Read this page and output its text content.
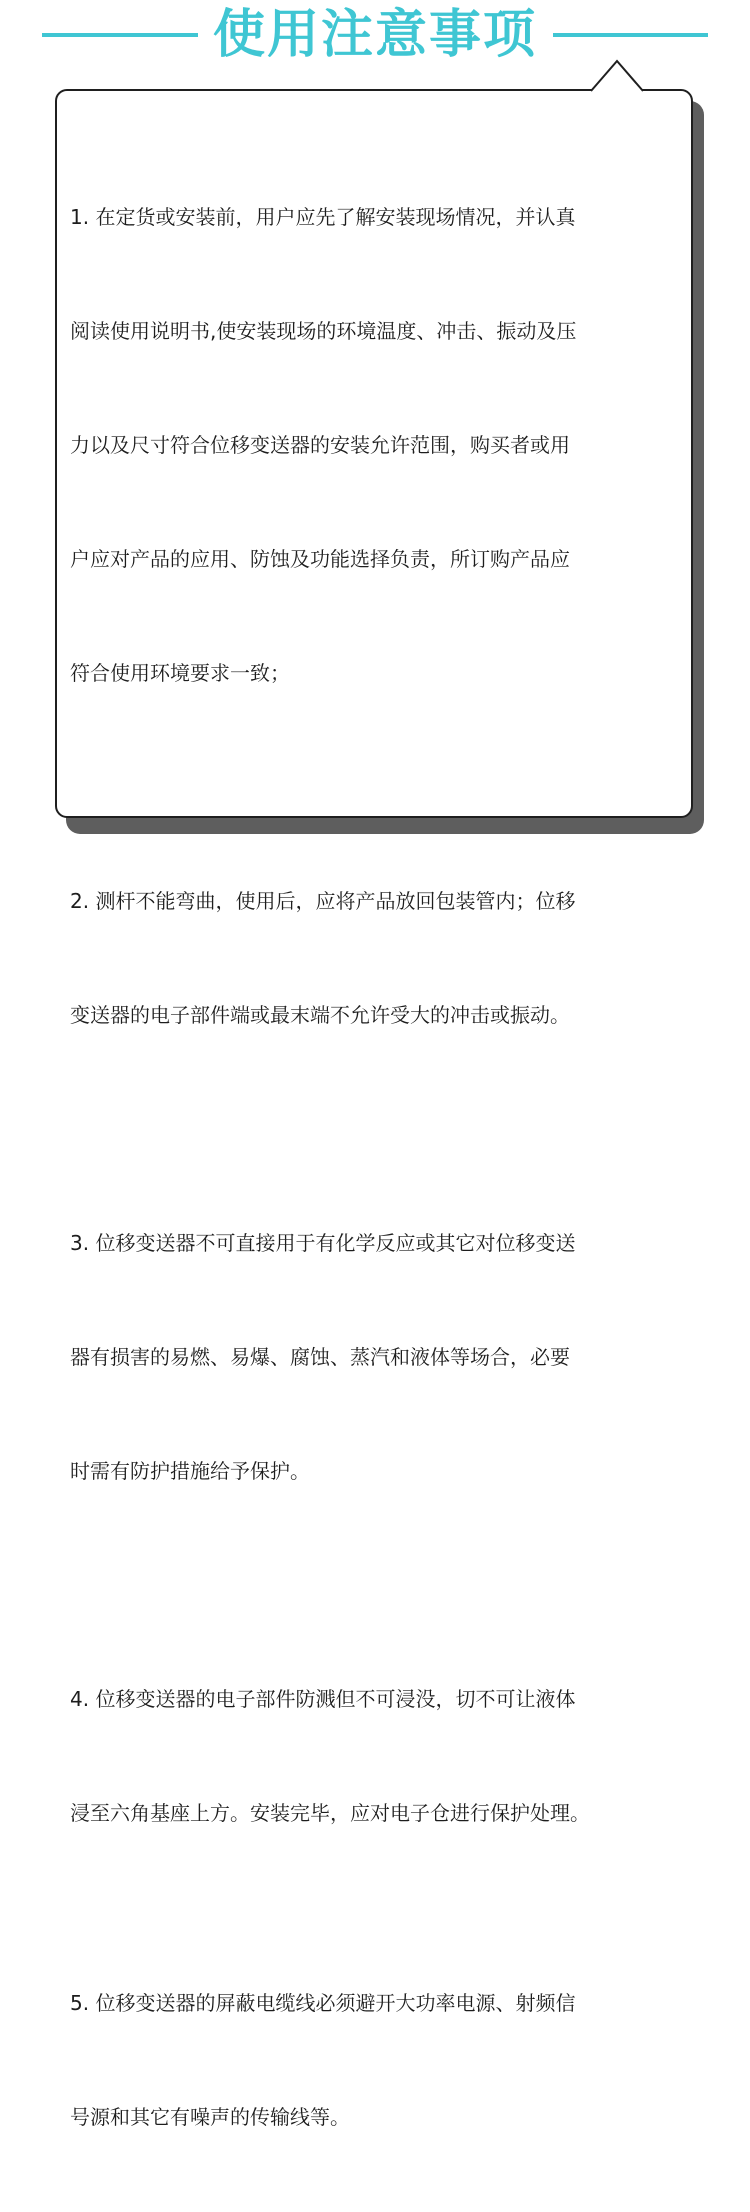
使用注意事项

1. 在定货或安装前，用户应先了解安装现场情况，并认真

阅读使用说明书,使安装现场的环境温度、冲击、振动及压

力以及尺寸符合位移变送器的安装允许范围，购买者或用

户应对产品的应用、防蚀及功能选择负责，所订购产品应

符合使用环境要求一致；

2. 测杆不能弯曲，使用后，应将产品放回包装管内；位移

变送器的电子部件端或最末端不允许受大的冲击或振动。

3. 位移变送器不可直接用于有化学反应或其它对位移变送

器有损害的易燃、易爆、腐蚀、蒸汽和液体等场合，必要

时需有防护措施给予保护。

4. 位移变送器的电子部件防溅但不可浸没，切不可让液体

浸至六角基座上方。安装完毕，应对电子仓进行保护处理。

5. 位移变送器的屏蔽电缆线必须避开大功率电源、射频信

号源和其它有噪声的传输线等。
